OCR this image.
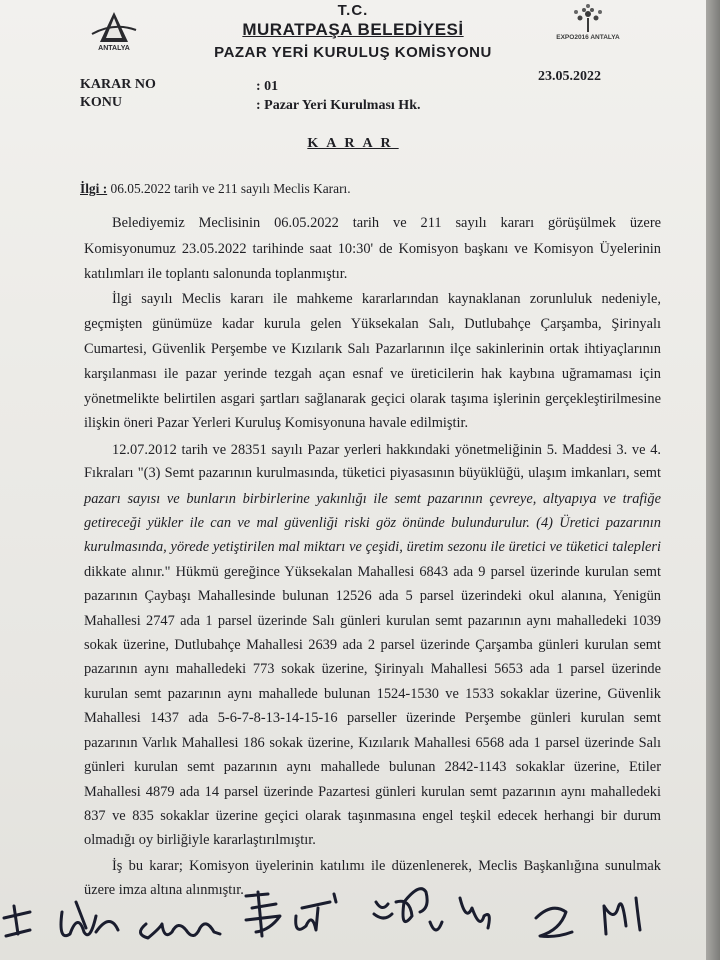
ANTALYA
EXPO2016 ANTALYA
T.C.
MURATPAŞA BELEDİYESİ
PAZAR YERİ KURULUŞ KOMİSYONU
KARAR NO	: 01
23.05.2022
KONU	: Pazar Yeri Kurulması Hk.
KARAR
İlgi : 06.05.2022 tarih ve 211 sayılı Meclis Kararı.
Belediyemiz Meclisinin 06.05.2022 tarih ve 211 sayılı kararı görüşülmek üzere
Komisyonumuz 23.05.2022 tarihinde saat 10:30' de Komisyon başkanı ve Komisyon Üyelerinin
katılımları ile toplantı salonunda toplanmıştır.
İlgi sayılı Meclis kararı ile mahkeme kararlarından kaynaklanan zorunluluk nedeniyle,
geçmişten günümüze kadar kurula gelen Yüksekalan Salı, Dutlubahçe Çarşamba, Şirinyalı
Cumartesi, Güvenlik Perşembe ve Kızılarık Salı Pazarlarının ilçe sakinlerinin ortak ihtiyaçlarının
karşılanması ile pazar yerinde tezgah açan esnaf ve üreticilerin hak kaybına uğramaması için
yönetmelikte belirtilen asgari şartları sağlanarak geçici olarak taşıma işlerinin gerçekleştirilmesine
ilişkin öneri Pazar Yerleri Kuruluş Komisyonuna havale edilmiştir.
12.07.2012 tarih ve 28351 sayılı Pazar yerleri hakkındaki yönetmeliğinin 5. Maddesi 3. ve 4.
Fıkraları "(3) Semt pazarının kurulmasında, tüketici piyasasının büyüklüğü, ulaşım imkanları, semt
pazarı sayısı ve bunların birbirlerine yakınlığı ile semt pazarının çevreye, altyapıya ve trafiğe
getireceği yükler ile can ve mal güvenliği riski göz önünde bulundurulur. (4) Üretici pazarının
kurulmasında, yörede yetiştirilen mal miktarı ve çeşidi, üretim sezonu ile üretici ve tüketici talepleri
dikkate alınır." Hükmü gereğince Yüksekalan Mahallesi 6843 ada 9 parsel üzerinde kurulan semt
pazarının Çaybaşı Mahallesinde bulunan 12526 ada 5 parsel üzerindeki okul alanına, Yenigün
Mahallesi 2747 ada 1 parsel üzerinde Salı günleri kurulan semt pazarının aynı mahalledeki 1039
sokak üzerine, Dutlubahçe Mahallesi 2639 ada 2 parsel üzerinde Çarşamba günleri kurulan semt
pazarının aynı mahalledeki 773 sokak üzerine, Şirinyalı Mahallesi 5653 ada 1 parsel üzerinde
kurulan semt pazarının aynı mahallede bulunan 1524-1530 ve 1533 sokaklar üzerine, Güvenlik
Mahallesi 1437 ada 5-6-7-8-13-14-15-16 parseller üzerinde Perşembe günleri kurulan semt
pazarının Varlık Mahallesi 186 sokak üzerine, Kızılarık Mahallesi 6568 ada 1 parsel üzerinde Salı
günleri kurulan semt pazarının aynı mahallede bulunan 2842-1143 sokaklar üzerine, Etiler
Mahallesi 4879 ada 14 parsel üzerinde Pazartesi günleri kurulan semt pazarının aynı mahalledeki
837 ve 835 sokaklar üzerine geçici olarak taşınmasına engel teşkil edecek herhangi bir durum
olmadığı oy birliğiyle kararlaştırılmıştır.
İş bu karar; Komisyon üyelerinin katılımı ile düzenlenerek, Meclis Başkanlığına sunulmak
üzere imza altına alınmıştır.
